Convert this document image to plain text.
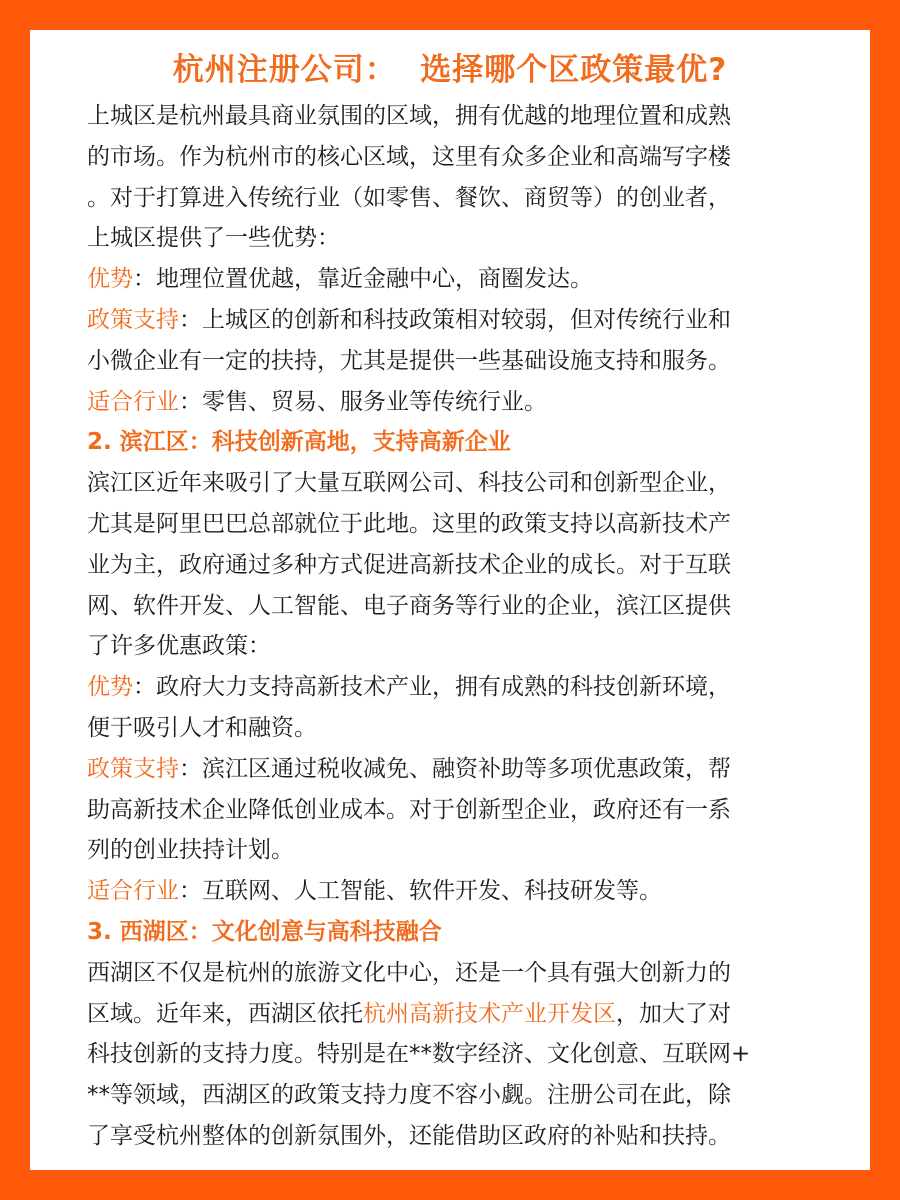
杭州注册公司：  选择哪个区政策最优?
上城区是杭州最具商业氛围的区域，拥有优越的地理位置和成熟
的市场。作为杭州市的核心区域，这里有众多企业和高端写字楼
。对于打算进入传统行业（如零售、餐饮、商贸等）的创业者，
上城区提供了一些优势：
优势：地理位置优越，靠近金融中心，商圈发达。
政策支持：上城区的创新和科技政策相对较弱，但对传统行业和
小微企业有一定的扶持，尤其是提供一些基础设施支持和服务。
适合行业：零售、贸易、服务业等传统行业。
2. 滨江区：科技创新高地，支持高新企业
滨江区近年来吸引了大量互联网公司、科技公司和创新型企业，
尤其是阿里巴巴总部就位于此地。这里的政策支持以高新技术产
业为主，政府通过多种方式促进高新技术企业的成长。对于互联
网、软件开发、人工智能、电子商务等行业的企业，滨江区提供
了许多优惠政策：
优势：政府大力支持高新技术产业，拥有成熟的科技创新环境，
便于吸引人才和融资。
政策支持：滨江区通过税收减免、融资补助等多项优惠政策，帮
助高新技术企业降低创业成本。对于创新型企业，政府还有一系
列的创业扶持计划。
适合行业：互联网、人工智能、软件开发、科技研发等。
3. 西湖区：文化创意与高科技融合
西湖区不仅是杭州的旅游文化中心，还是一个具有强大创新力的
区域。近年来，西湖区依托杭州高新技术产业开发区，加大了对
科技创新的支持力度。特别是在**数字经济、文化创意、互联网+
**等领域，西湖区的政策支持力度不容小觑。注册公司在此，除
了享受杭州整体的创新氛围外，还能借助区政府的补贴和扶持。
